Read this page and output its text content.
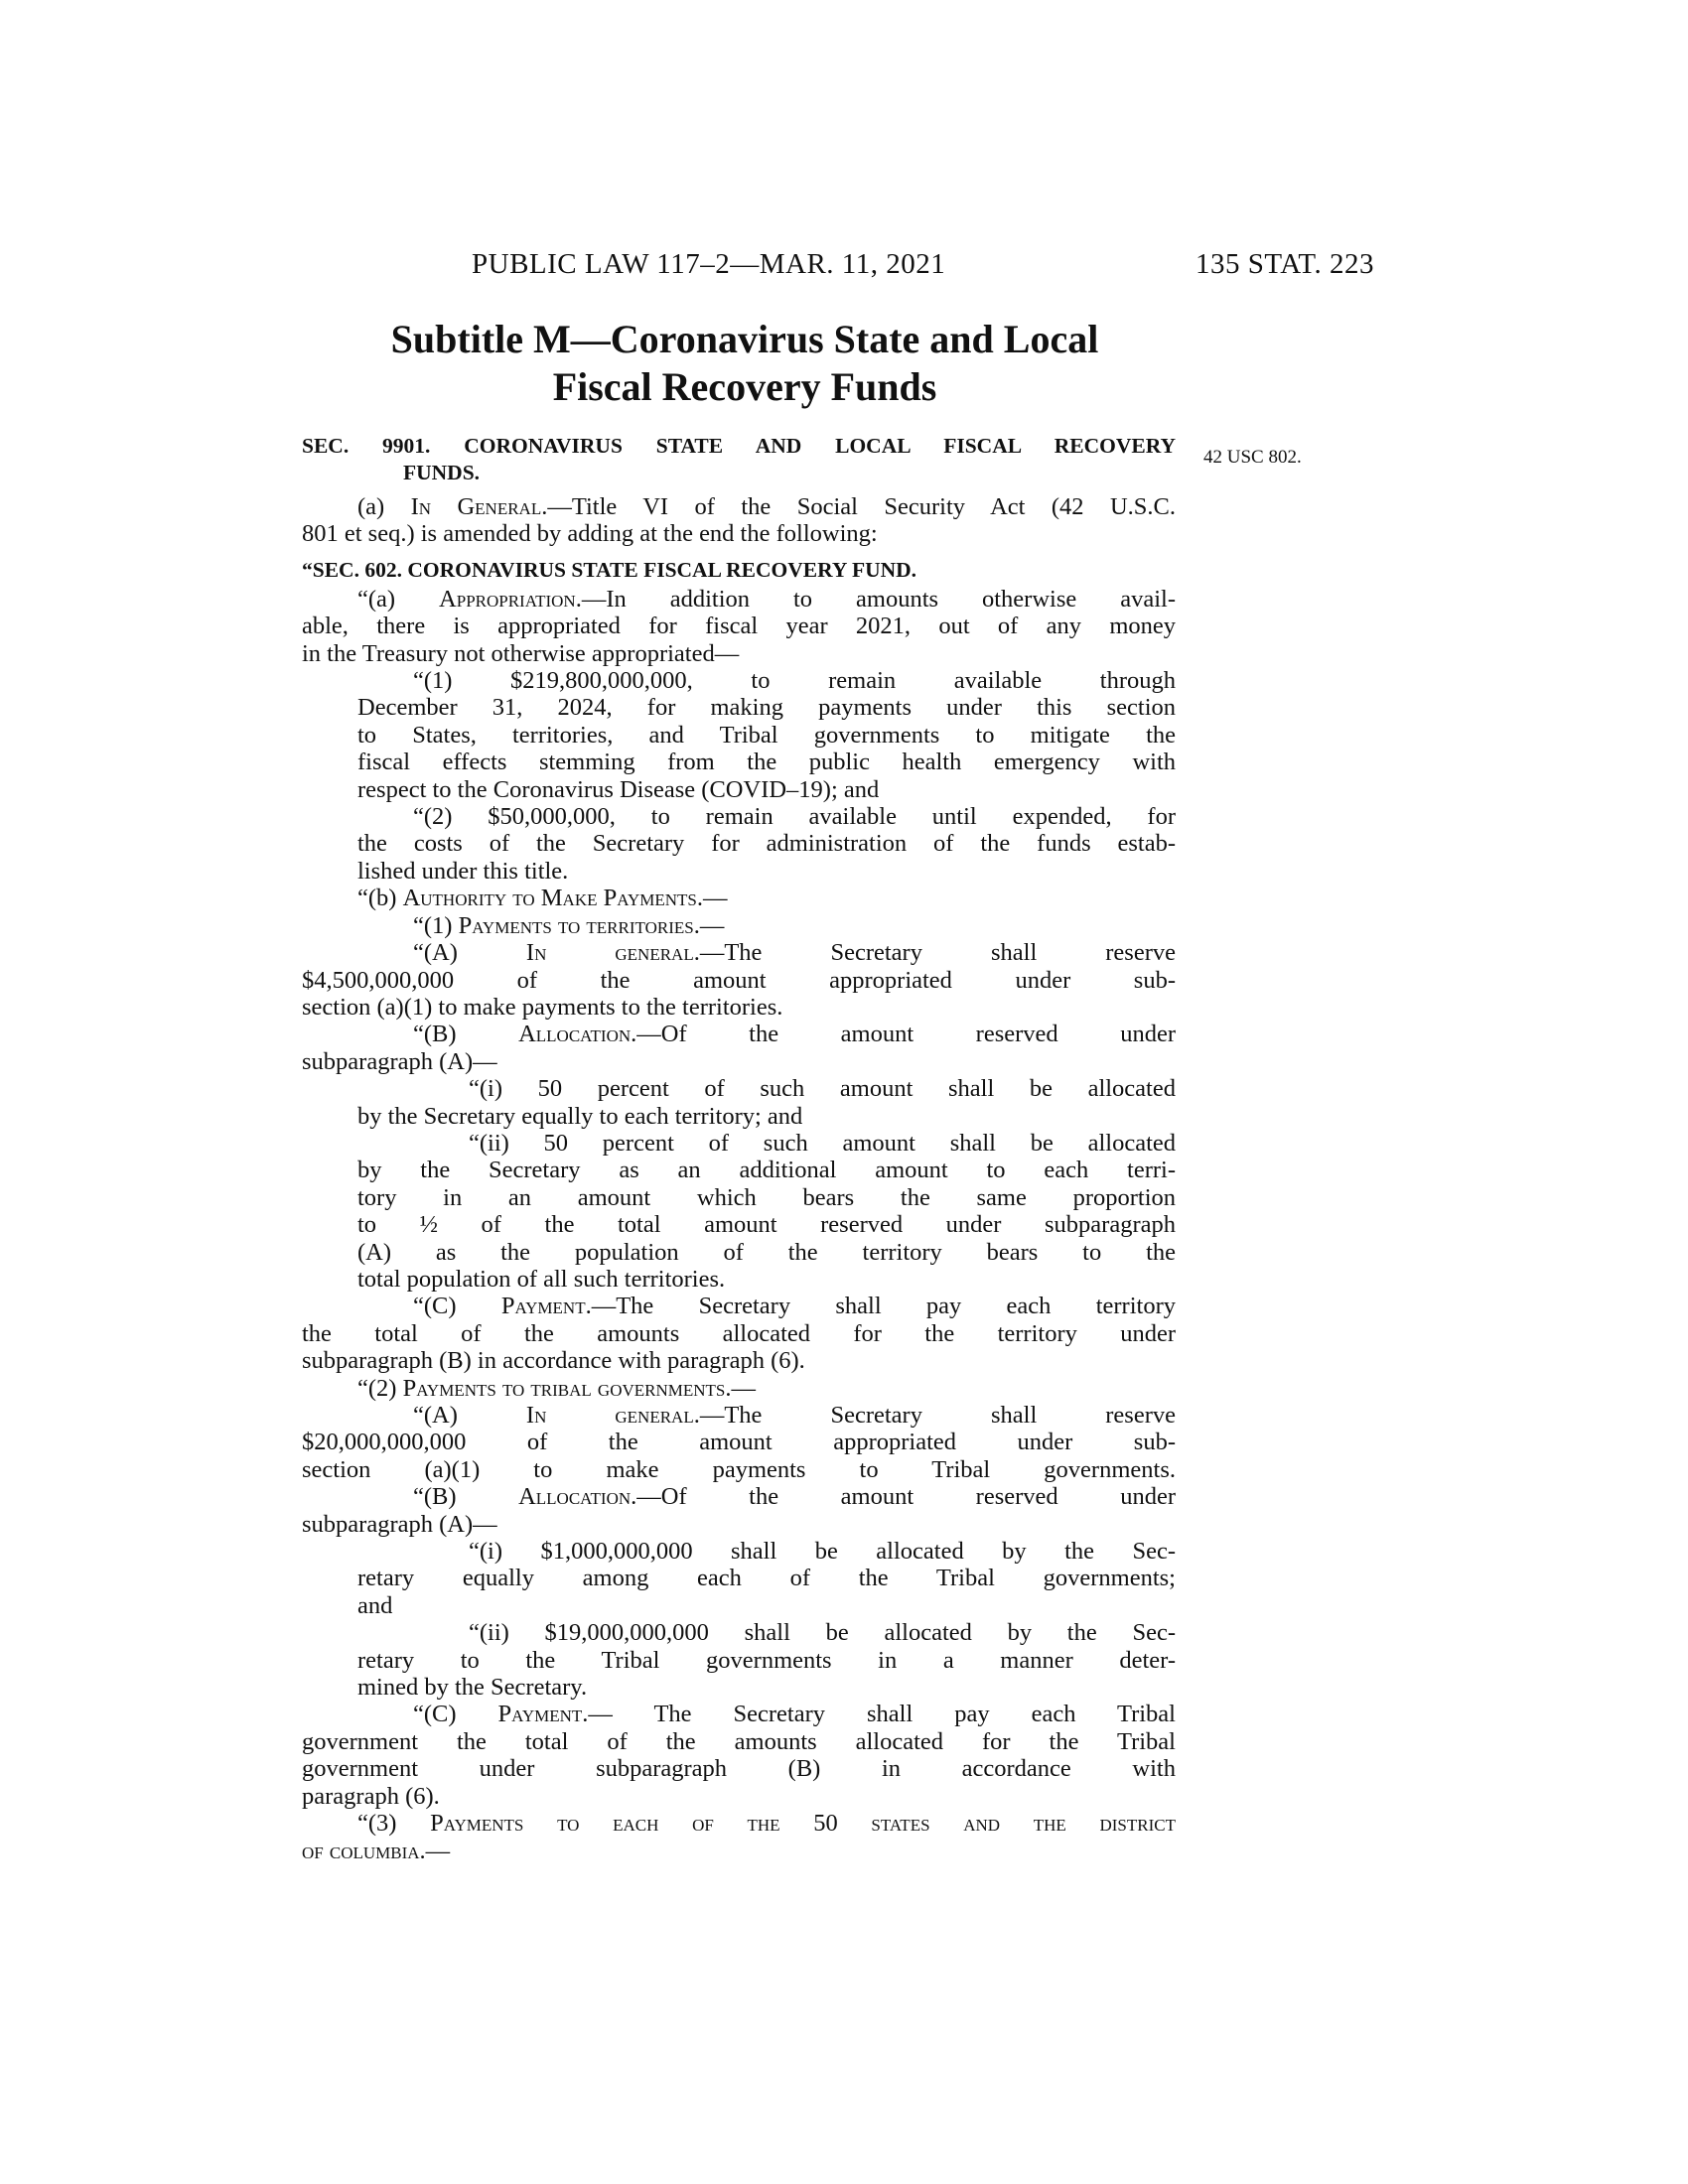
PUBLIC LAW 117–2—MAR. 11, 2021	135 STAT. 223
Subtitle M—Coronavirus State and Local
Fiscal Recovery Funds
SEC. 9901. CORONAVIRUS STATE AND LOCAL FISCAL RECOVERY
FUNDS.
42 USC 802.

(a) In General.—Title VI of the Social Security Act (42 U.S.C.

801 et seq.) is amended by adding at the end the following:

“SEC. 602. CORONAVIRUS STATE FISCAL RECOVERY FUND.

“(a) Appropriation.—In addition to amounts otherwise avail-

able, there is appropriated for fiscal year 2021, out of any money

in the Treasury not otherwise appropriated—

“(1) $219,800,000,000, to remain available through

December 31, 2024, for making payments under this section

to States, territories, and Tribal governments to mitigate the

fiscal effects stemming from the public health emergency with

respect to the Coronavirus Disease (COVID–19); and

“(2) $50,000,000, to remain available until expended, for

the costs of the Secretary for administration of the funds estab-

lished under this title.

“(b) Authority to Make Payments.—

“(1) Payments to territories.—

“(A) In general.—The Secretary shall reserve

$4,500,000,000 of the amount appropriated under sub-

section (a)(1) to make payments to the territories.

“(B) Allocation.—Of the amount reserved under

subparagraph (A)—

“(i) 50 percent of such amount shall be allocated

by the Secretary equally to each territory; and

“(ii) 50 percent of such amount shall be allocated

by the Secretary as an additional amount to each terri-

tory in an amount which bears the same proportion

to ½ of the total amount reserved under subparagraph

(A) as the population of the territory bears to the

total population of all such territories.

“(C) Payment.—The Secretary shall pay each territory

the total of the amounts allocated for the territory under

subparagraph (B) in accordance with paragraph (6).

“(2) Payments to tribal governments.—

“(A) In general.—The Secretary shall reserve

$20,000,000,000 of the amount appropriated under sub-

section (a)(1) to make payments to Tribal governments.

“(B) Allocation.—Of the amount reserved under

subparagraph (A)—

“(i) $1,000,000,000 shall be allocated by the Sec-

retary equally among each of the Tribal governments;

and

“(ii) $19,000,000,000 shall be allocated by the Sec-

retary to the Tribal governments in a manner deter-

mined by the Secretary.

“(C) Payment.— The Secretary shall pay each Tribal

government the total of the amounts allocated for the Tribal

government under subparagraph (B) in accordance with

paragraph (6).

“(3) Payments to each of the 50 states and the district

of columbia.—
